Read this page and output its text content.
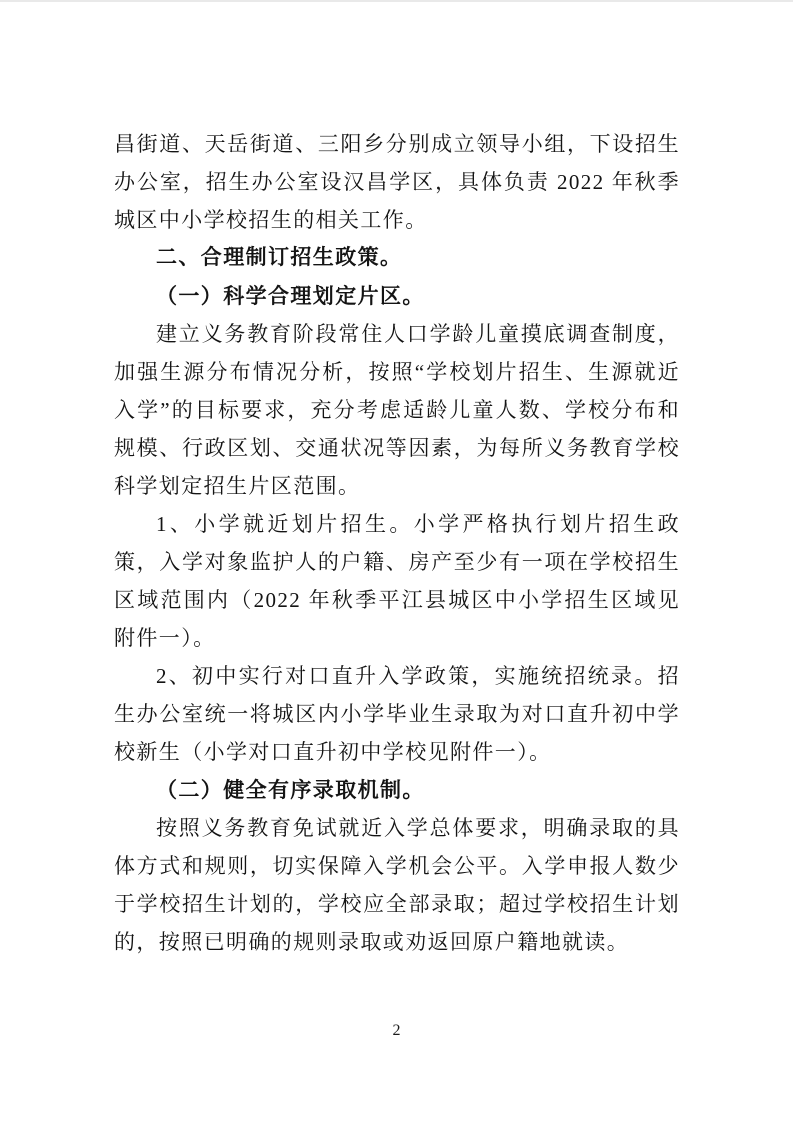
昌街道、天岳街道、三阳乡分别成立领导小组，下设招生办公室，招生办公室设汉昌学区，具体负责 2022 年秋季城区中小学校招生的相关工作。

二、合理制订招生政策。

（一）科学合理划定片区。

建立义务教育阶段常住人口学龄儿童摸底调查制度，加强生源分布情况分析，按照“学校划片招生、生源就近入学”的目标要求，充分考虑适龄儿童人数、学校分布和规模、行政区划、交通状况等因素，为每所义务教育学校科学划定招生片区范围。

1、小学就近划片招生。小学严格执行划片招生政策，入学对象监护人的户籍、房产至少有一项在学校招生区域范围内（2022 年秋季平江县城区中小学招生区域见附件一）。

2、初中实行对口直升入学政策，实施统招统录。招生办公室统一将城区内小学毕业生录取为对口直升初中学校新生（小学对口直升初中学校见附件一）。

（二）健全有序录取机制。

按照义务教育免试就近入学总体要求，明确录取的具体方式和规则，切实保障入学机会公平。入学申报人数少于学校招生计划的，学校应全部录取；超过学校招生计划的，按照已明确的规则录取或劝返回原户籍地就读。

2
